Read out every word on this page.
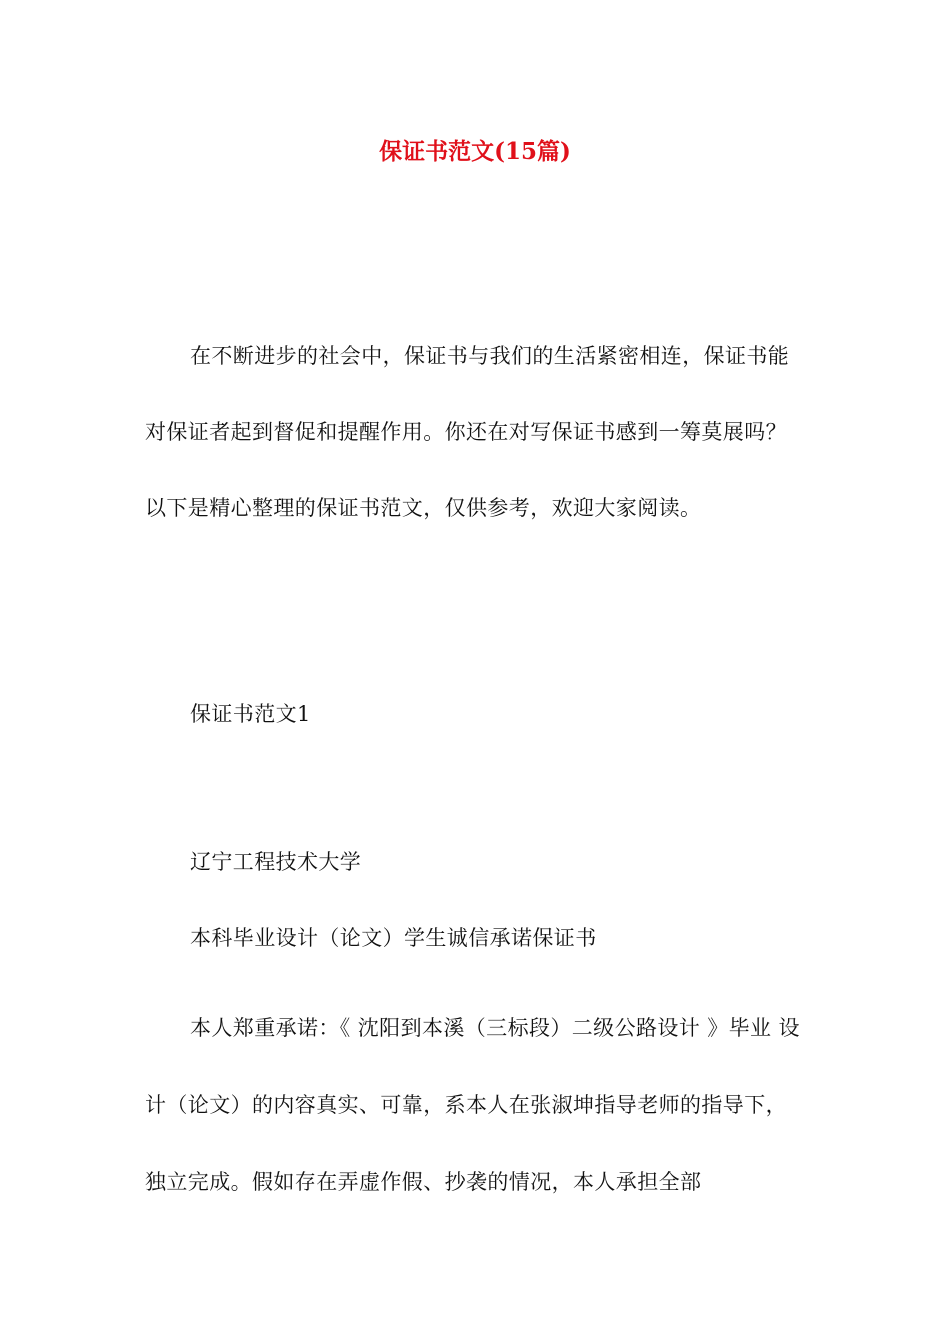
保证书范文(15篇)

在不断进步的社会中，保证书与我们的生活紧密相连，保证书能对保证者起到督促和提醒作用。你还在对写保证书感到一筹莫展吗？以下是精心整理的保证书范文，仅供参考，欢迎大家阅读。

保证书范文1

辽宁工程技术大学

本科毕业设计（论文）学生诚信承诺保证书

本人郑重承诺：《 沈阳到本溪（三标段）二级公路设计 》毕业 设计（论文）的内容真实、可靠，系本人在张淑坤指导老师的指导下，独立完成。假如存在弄虚作假、抄袭的情况，本人承担全部
